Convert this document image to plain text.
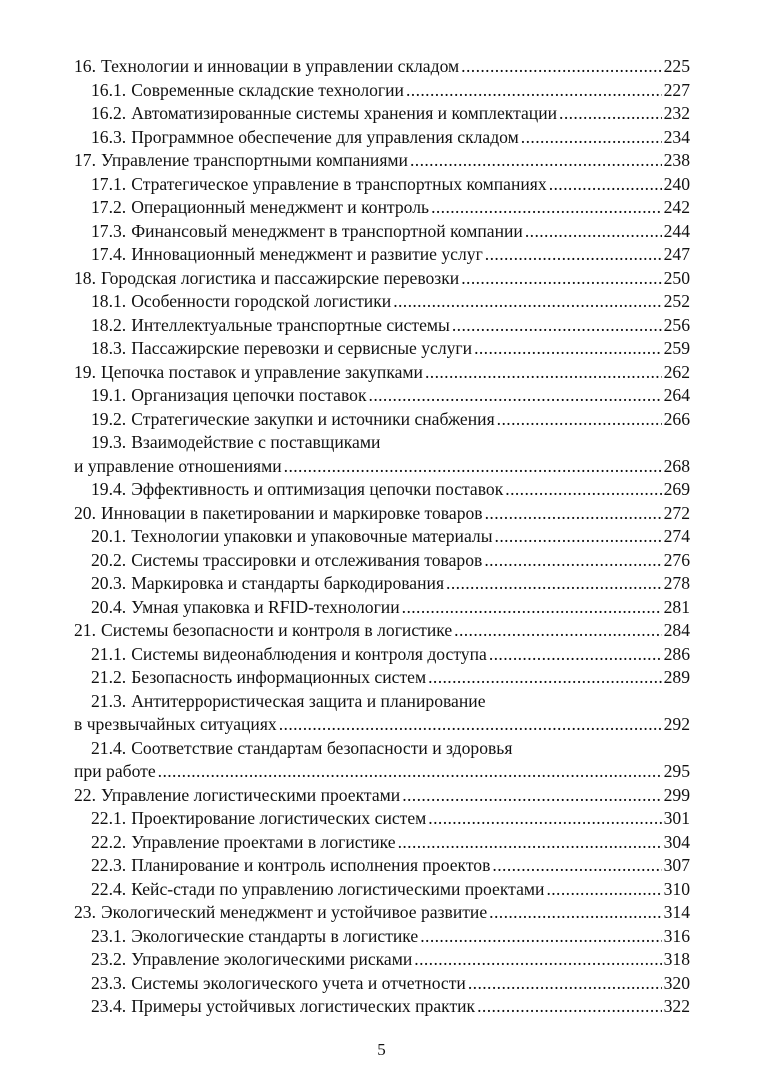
16. Технологии и инновации в управлении складом .....	225
16.1. Современные складские технологии .....	227
16.2. Автоматизированные системы хранения и комплектации .....	232
16.3. Программное обеспечение для управления складом .....	234
17. Управление транспортными компаниями .....	238
17.1. Стратегическое управление в транспортных компаниях .....	240
17.2. Операционный менеджмент и контроль .....	242
17.3. Финансовый менеджмент в транспортной компании .....	244
17.4. Инновационный менеджмент и развитие услуг .....	247
18. Городская логистика и пассажирские перевозки .....	250
18.1. Особенности городской логистики .....	252
18.2. Интеллектуальные транспортные системы .....	256
18.3. Пассажирские перевозки и сервисные услуги .....	259
19. Цепочка поставок и управление закупками .....	262
19.1. Организация цепочки поставок .....	264
19.2. Стратегические закупки и источники снабжения .....	266
19.3. Взаимодействие с поставщиками
и управление отношениями .....	268
19.4. Эффективность и оптимизация цепочки поставок .....	269
20. Инновации в пакетировании и маркировке товаров .....	272
20.1. Технологии упаковки и упаковочные материалы .....	274
20.2. Системы трассировки и отслеживания товаров .....	276
20.3. Маркировка и стандарты баркодирования .....	278
20.4. Умная упаковка и RFID-технологии .....	281
21. Системы безопасности и контроля в логистике .....	284
21.1. Системы видеонаблюдения и контроля доступа .....	286
21.2. Безопасность информационных систем .....	289
21.3. Антитеррористическая защита и планирование
в чрезвычайных ситуациях .....	292
21.4. Соответствие стандартам безопасности и здоровья
при работе .....	295
22. Управление логистическими проектами .....	299
22.1. Проектирование логистических систем .....	301
22.2. Управление проектами в логистике .....	304
22.3. Планирование и контроль исполнения проектов .....	307
22.4. Кейс-стади по управлению логистическими проектами .....	310
23. Экологический менеджмент и устойчивое развитие .....	314
23.1. Экологические стандарты в логистике .....	316
23.2. Управление экологическими рисками .....	318
23.3. Системы экологического учета и отчетности .....	320
23.4. Примеры устойчивых логистических практик .....	322
5
